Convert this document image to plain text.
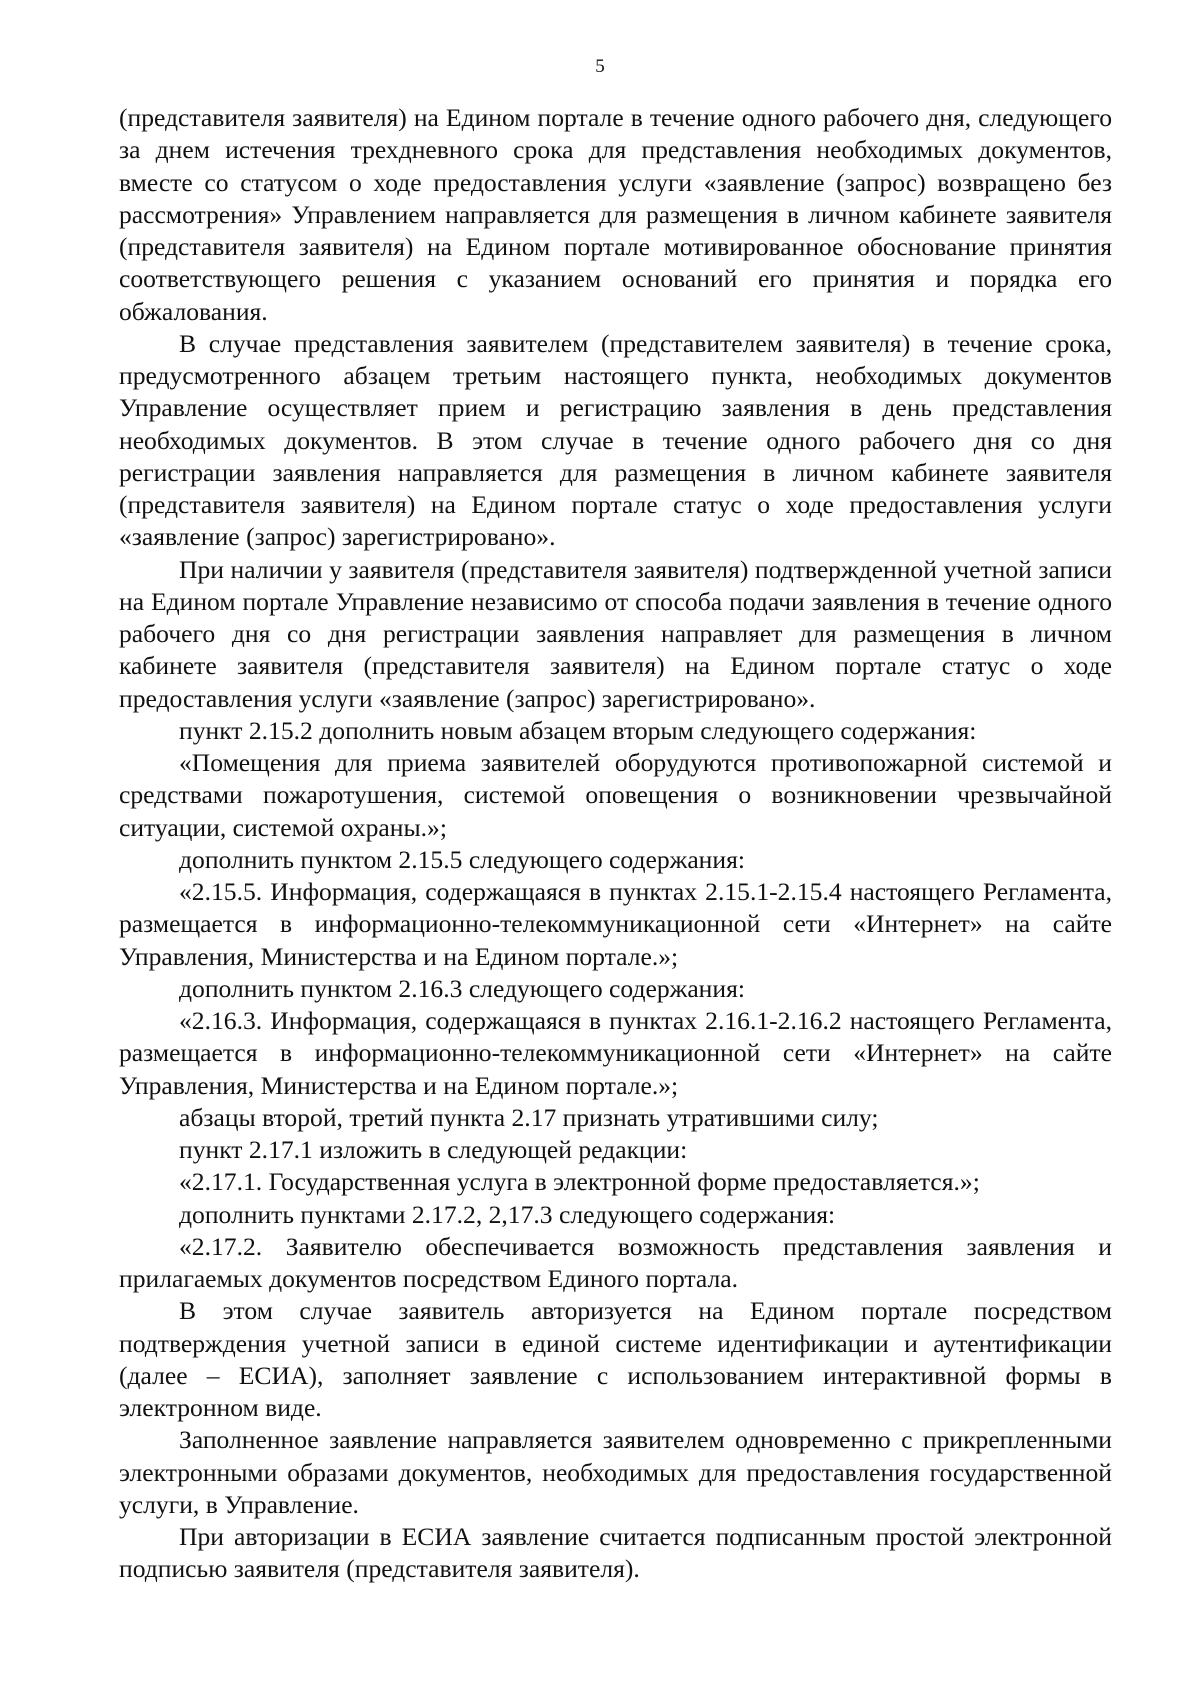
5

(представителя заявителя) на Едином портале в течение одного рабочего дня, следующего за днем истечения трехдневного срока для представления необходимых документов, вместе со статусом о ходе предоставления услуги «заявление (запрос) возвращено без рассмотрения» Управлением направляется для размещения в личном кабинете заявителя (представителя заявителя) на Едином портале мотивированное обоснование принятия соответствующего решения с указанием оснований его принятия и порядка его обжалования.

В случае представления заявителем (представителем заявителя) в течение срока, предусмотренного абзацем третьим настоящего пункта, необходимых документов Управление осуществляет прием и регистрацию заявления в день представления необходимых документов. В этом случае в течение одного рабочего дня со дня регистрации заявления направляется для размещения в личном кабинете заявителя (представителя заявителя) на Едином портале статус о ходе предоставления услуги «заявление (запрос) зарегистрировано».

При наличии у заявителя (представителя заявителя) подтвержденной учетной записи на Едином портале Управление независимо от способа подачи заявления в течение одного рабочего дня со дня регистрации заявления направляет для размещения в личном кабинете заявителя (представителя заявителя) на Едином портале статус о ходе предоставления услуги «заявление (запрос) зарегистрировано».

пункт 2.15.2 дополнить новым абзацем вторым следующего содержания:

«Помещения для приема заявителей оборудуются противопожарной системой и средствами пожаротушения, системой оповещения о возникновении чрезвычайной ситуации, системой охраны.»;

дополнить пунктом 2.15.5 следующего содержания:

«2.15.5. Информация, содержащаяся в пунктах 2.15.1-2.15.4 настоящего Регламента, размещается в информационно-телекоммуникационной сети «Интернет» на сайте Управления, Министерства и на Едином портале.»;

дополнить пунктом 2.16.3 следующего содержания:

«2.16.3. Информация, содержащаяся в пунктах 2.16.1-2.16.2 настоящего Регламента, размещается в информационно-телекоммуникационной сети «Интернет» на сайте Управления, Министерства и на Едином портале.»;

абзацы второй, третий пункта 2.17 признать утратившими силу;

пункт 2.17.1 изложить в следующей редакции:

«2.17.1. Государственная услуга в электронной форме предоставляется.»;

дополнить пунктами 2.17.2, 2,17.3 следующего содержания:

«2.17.2. Заявителю обеспечивается возможность представления заявления и прилагаемых документов посредством Единого портала.

В этом случае заявитель авторизуется на Едином портале посредством подтверждения учетной записи в единой системе идентификации и аутентификации (далее – ЕСИА), заполняет заявление с использованием интерактивной формы в электронном виде.

Заполненное заявление направляется заявителем одновременно с прикрепленными электронными образами документов, необходимых для предоставления государственной услуги, в Управление.

При авторизации в ЕСИА заявление считается подписанным простой электронной подписью заявителя (представителя заявителя).
